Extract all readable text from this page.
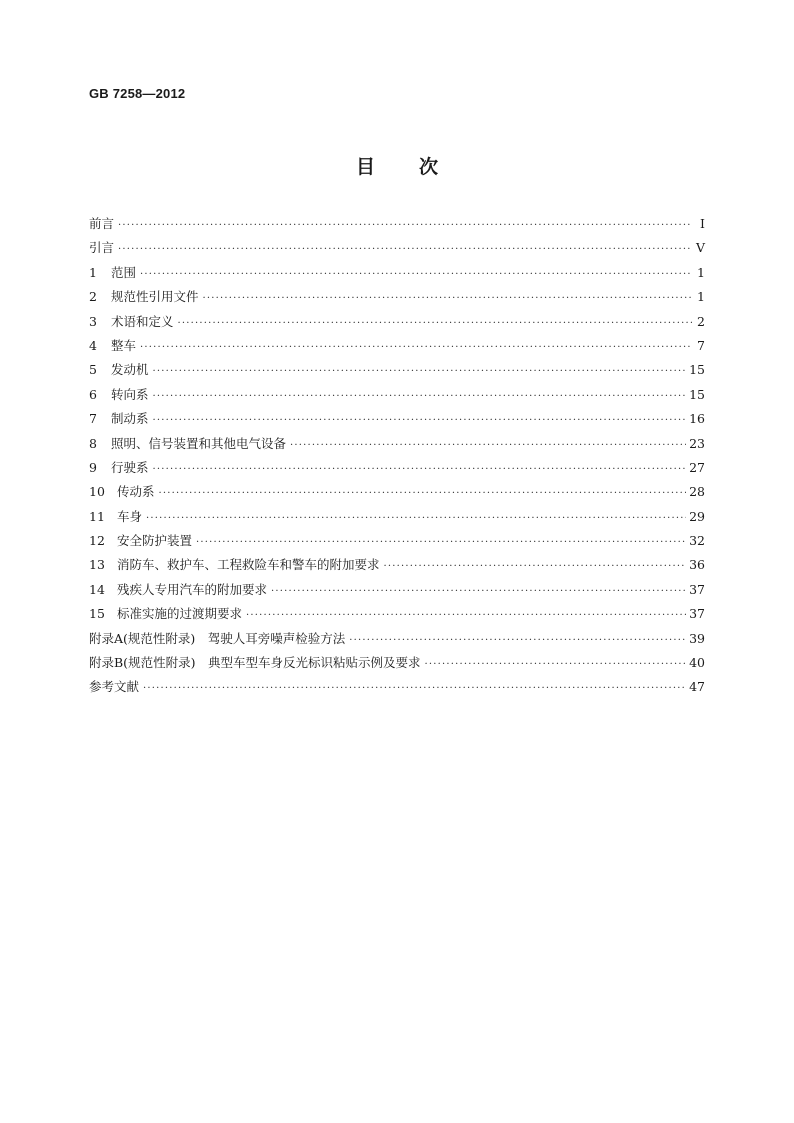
GB 7258—2012
目次
前言 ·····	Ⅰ
引言 ·····	Ⅴ
1	范围 ·····	1
2	规范性引用文件 ·····	1
3	术语和定义 ·····	2
4	整车 ·····	7
5	发动机 ·····	15
6	转向系 ·····	15
7	制动系 ·····	16
8	照明、信号装置和其他电气设备 ·····	23
9	行驶系 ·····	27
10 传动系 ·····	28
11 车身 ·····	29
12 安全防护装置 ·····	32
13 消防车、救护车、工程救险车和警车的附加要求 ·····	36
14 残疾人专用汽车的附加要求 ·····	37
15 标准实施的过渡期要求 ·····	37
附录A(规范性附录)　驾驶人耳旁噪声检验方法 ·····	39
附录B(规范性附录)　典型车型车身反光标识粘贴示例及要求 ·····	40
参考文献 ·····	47
